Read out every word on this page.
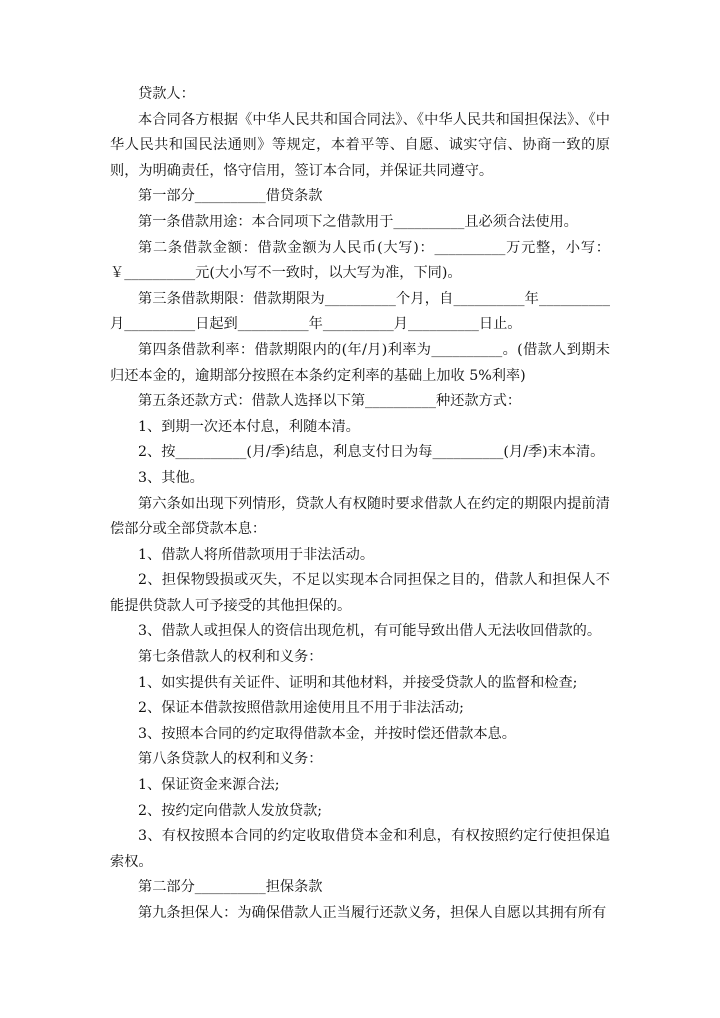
贷款人：

本合同各方根据《中华人民共和国合同法》、《中华人民共和国担保法》、《中华人民共和国民法通则》等规定，本着平等、自愿、诚实守信、协商一致的原则，为明确责任，恪守信用，签订本合同，并保证共同遵守。

第一部分__________借贷条款

第一条借款用途：本合同项下之借款用于__________且必须合法使用。

第二条借款金额：借款金额为人民币(大写)：__________万元整，小写：￥__________元(大小写不一致时，以大写为准，下同)。

第三条借款期限：借款期限为__________个月，自__________年__________月__________日起到__________年__________月__________日止。

第四条借款利率：借款期限内的(年/月)利率为__________。(借款人到期未归还本金的，逾期部分按照在本条约定利率的基础上加收 5%利率)

第五条还款方式：借款人选择以下第__________种还款方式：

1、到期一次还本付息，利随本清。

2、按__________(月/季)结息，利息支付日为每__________(月/季)末本清。

3、其他。

第六条如出现下列情形，贷款人有权随时要求借款人在约定的期限内提前清偿部分或全部贷款本息：

1、借款人将所借款项用于非法活动。

2、担保物毁损或灭失，不足以实现本合同担保之目的，借款人和担保人不能提供贷款人可予接受的其他担保的。

3、借款人或担保人的资信出现危机，有可能导致出借人无法收回借款的。

第七条借款人的权利和义务：

1、如实提供有关证件、证明和其他材料，并接受贷款人的监督和检查;

2、保证本借款按照借款用途使用且不用于非法活动;

3、按照本合同的约定取得借款本金，并按时偿还借款本息。

第八条贷款人的权利和义务：

1、保证资金来源合法;

2、按约定向借款人发放贷款;

3、有权按照本合同的约定收取借贷本金和利息，有权按照约定行使担保追索权。

第二部分__________担保条款

第九条担保人：为确保借款人正当履行还款义务，担保人自愿以其拥有所有
